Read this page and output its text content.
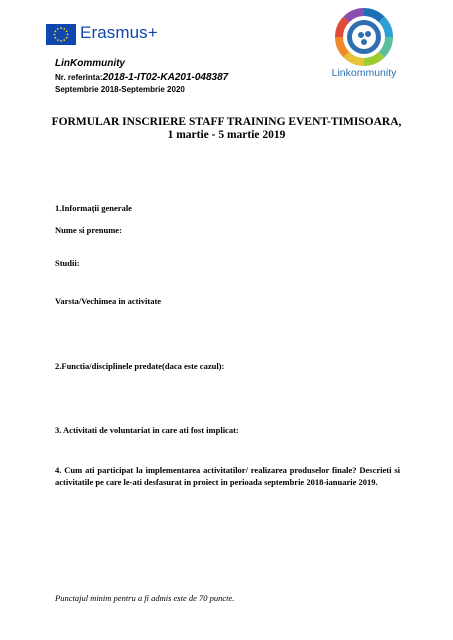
Erasmus+
Linkommunity
LinKommunity
Nr. referinta:2018-1-IT02-KA201-048387
Septembrie 2018-Septembrie 2020
FORMULAR INSCRIERE STAFF TRAINING EVENT-TIMISOARA,
1 martie - 5 martie 2019
1.Informații generale
Nume si prenume:
Studii:
Varsta/Vechimea in activitate
2.Functia/disciplinele predate(daca este cazul):
3. Activitati de voluntariat in care ati fost implicat:
4. Cum ati participat la implementarea activitatilor/ realizarea produselor finale? Descrieti si activitatile pe care le-ati desfasurat in proiect in perioada septembrie 2018-ianuarie 2019.
Punctajul minim pentru a fi admis este de 70 puncte.
